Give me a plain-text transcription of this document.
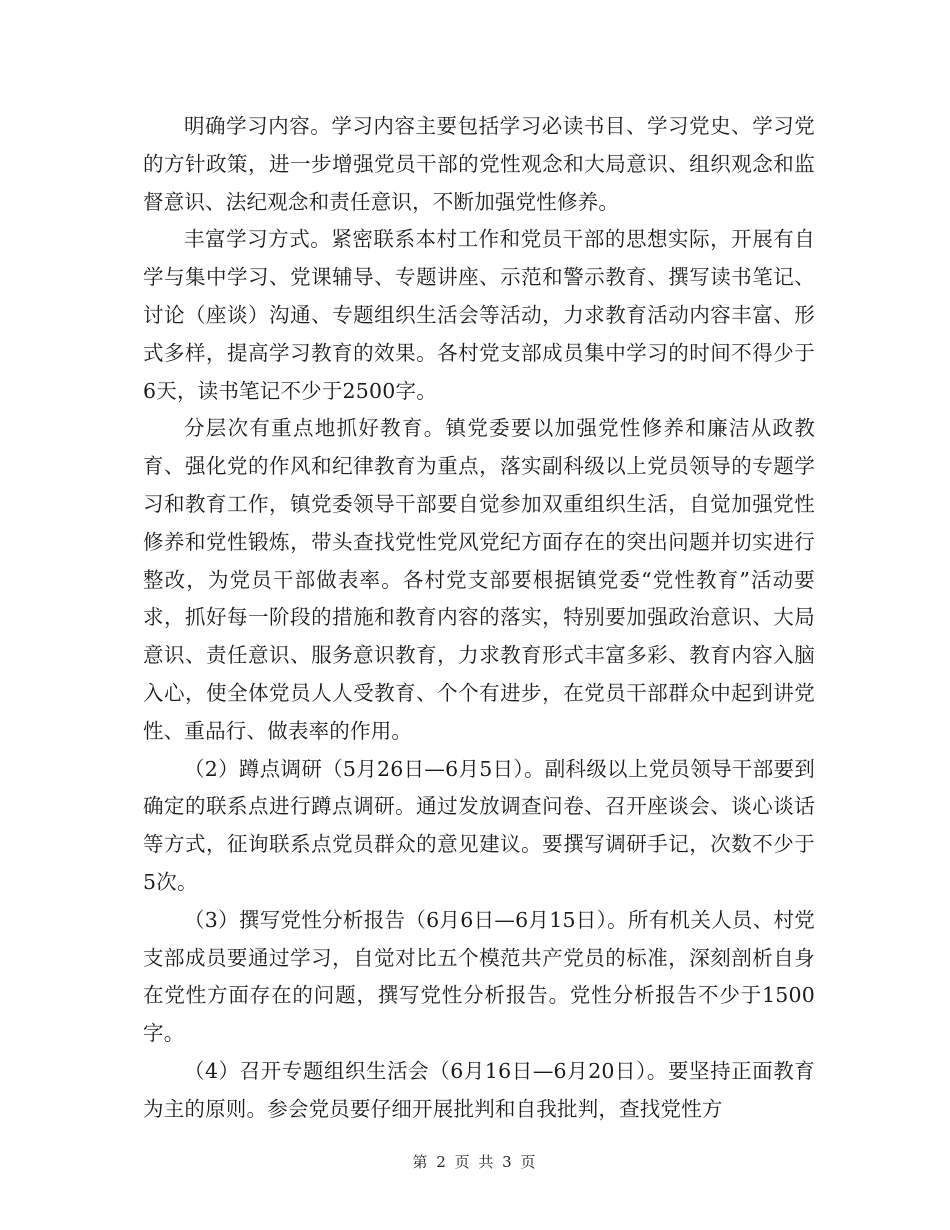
明确学习内容。学习内容主要包括学习必读书目、学习党史、学习党的方针政策，进一步增强党员干部的党性观念和大局意识、组织观念和监督意识、法纪观念和责任意识，不断加强党性修养。

丰富学习方式。紧密联系本村工作和党员干部的思想实际，开展有自学与集中学习、党课辅导、专题讲座、示范和警示教育、撰写读书笔记、讨论（座谈）沟通、专题组织生活会等活动，力求教育活动内容丰富、形式多样，提高学习教育的效果。各村党支部成员集中学习的时间不得少于6天，读书笔记不少于2500字。

分层次有重点地抓好教育。镇党委要以加强党性修养和廉洁从政教育、强化党的作风和纪律教育为重点，落实副科级以上党员领导的专题学习和教育工作，镇党委领导干部要自觉参加双重组织生活，自觉加强党性修养和党性锻炼，带头查找党性党风党纪方面存在的突出问题并切实进行整改，为党员干部做表率。各村党支部要根据镇党委“党性教育”活动要求，抓好每一阶段的措施和教育内容的落实，特别要加强政治意识、大局意识、责任意识、服务意识教育，力求教育形式丰富多彩、教育内容入脑入心，使全体党员人人受教育、个个有进步，在党员干部群众中起到讲党性、重品行、做表率的作用。

（2）蹲点调研（5月26日—6月5日）。副科级以上党员领导干部要到确定的联系点进行蹲点调研。通过发放调查问卷、召开座谈会、谈心谈话等方式，征询联系点党员群众的意见建议。要撰写调研手记，次数不少于5次。

（3）撰写党性分析报告（6月6日—6月15日）。所有机关人员、村党支部成员要通过学习，自觉对比五个模范共产党员的标准，深刻剖析自身在党性方面存在的问题，撰写党性分析报告。党性分析报告不少于1500字。

（4）召开专题组织生活会（6月16日—6月20日）。要坚持正面教育为主的原则。参会党员要仔细开展批判和自我批判，查找党性方

第 2 页 共 3 页
